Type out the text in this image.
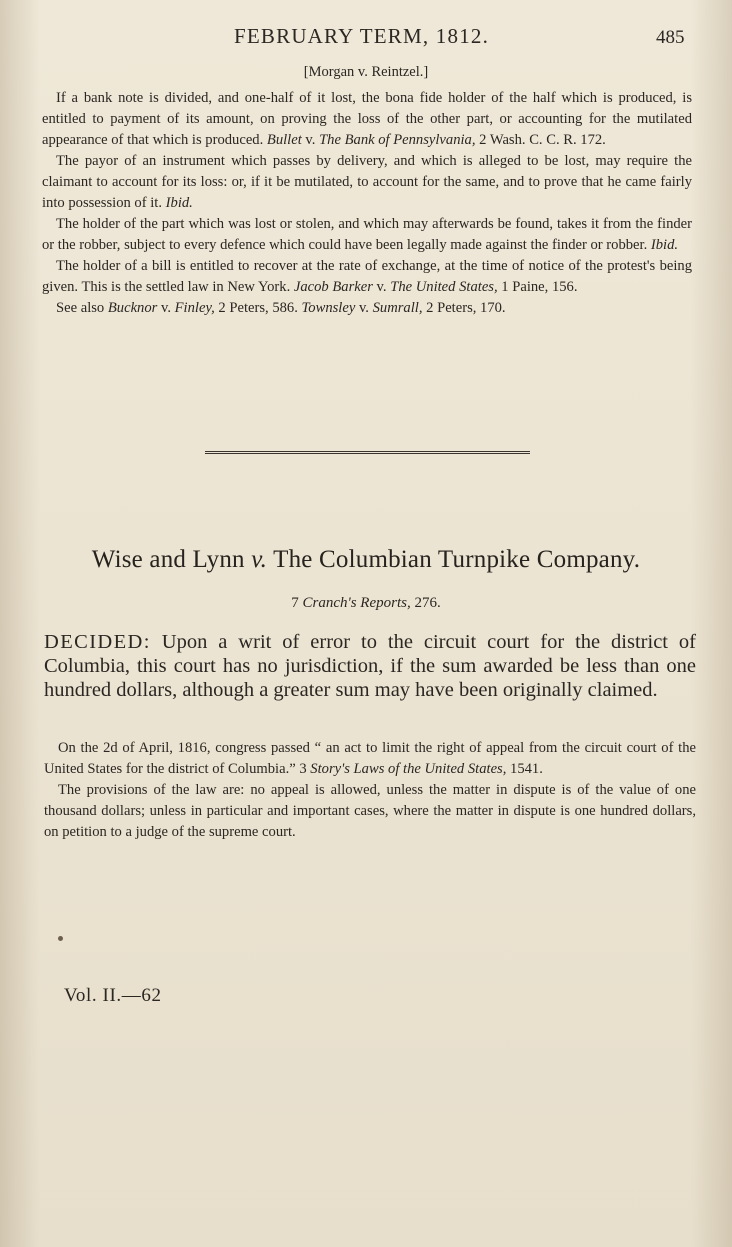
FEBRUARY TERM, 1812.	485
[Morgan v. Reintzel.]

If a bank note is divided, and one-half of it lost, the bona fide holder of the half which is produced, is entitled to payment of its amount, on proving the loss of the other part, or accounting for the mutilated appearance of that which is produced. Bullet v. The Bank of Pennsylvania, 2 Wash. C. C. R. 172.

The payor of an instrument which passes by delivery, and which is alleged to be lost, may require the claimant to account for its loss: or, if it be mutilated, to account for the same, and to prove that he came fairly into possession of it. Ibid.

The holder of the part which was lost or stolen, and which may afterwards be found, takes it from the finder or the robber, subject to every defence which could have been legally made against the finder or robber. Ibid.

The holder of a bill is entitled to recover at the rate of exchange, at the time of notice of the protest's being given. This is the settled law in New York. Jacob Barker v. The United States, 1 Paine, 156.

See also Bucknor v. Finley, 2 Peters, 586. Townsley v. Sumrall, 2 Peters, 170.

Wise and Lynn v. The Columbian Turnpike Company.
7 Cranch's Reports, 276.
DECIDED: Upon a writ of error to the circuit court for the district of Columbia, this court has no jurisdiction, if the sum awarded be less than one hundred dollars, although a greater sum may have been originally claimed.

On the 2d of April, 1816, congress passed “ an act to limit the right of appeal from the circuit court of the United States for the district of Columbia.” 3 Story's Laws of the United States, 1541.

The provisions of the law are: no appeal is allowed, unless the matter in dispute is of the value of one thousand dollars; unless in particular and important cases, where the matter in dispute is one hundred dollars, on petition to a judge of the supreme court.

Vol. II.—62
